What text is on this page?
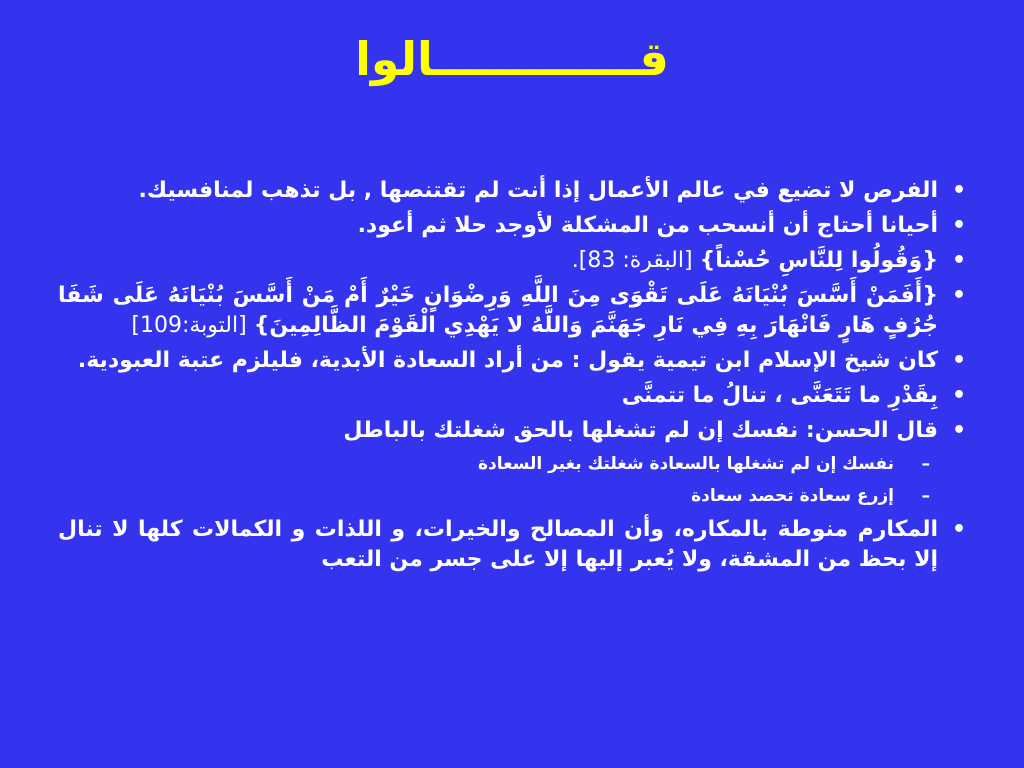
قـــــــــــــالوا
•
الفرص لا تضيع في عالم الأعمال إذا أنت لم تقتنصها , بل تذهب لمنافسيك.
•
أحيانا أحتاج أن أنسحب من المشكلة لأوجد حلا ثم أعود.
•
{وَقُولُوا لِلنَّاسِ حُسْناً} [البقرة: 83].
•
{أَفَمَنْ أَسَّسَ بُنْيَانَهُ عَلَى تَقْوَى مِنَ اللَّهِ وَرِضْوَانٍ خَيْرٌ أَمْ مَنْ أَسَّسَ بُنْيَانَهُ عَلَى شَفَا جُرُفٍ هَارٍ فَانْهَارَ بِهِ فِي نَارِ جَهَنَّمَ وَاللَّهُ لا يَهْدِي الْقَوْمَ الظَّالِمِينَ} [التوبة:109]
•
كان شيخ الإسلام ابن تيمية يقول : من أراد السعادة الأبدية، فليلزم عتبة العبودية.
•
بِقَدْرِ ما تَتَعَنَّى ، تنالُ ما تتمنَّى
•
قال الحسن: نفسك إن لم تشغلها بالحق شغلتك بالباطل
–
نفسك إن لم تشغلها بالسعادة شغلتك بغير السعادة
–
إزرع سعادة تحصد سعادة
•
المكارم منوطة بالمكاره، وأن المصالح والخيرات، و اللذات و الكمالات كلها لا تنال إلا بحظ من المشقة، ولا يُعبر إليها إلا على جسر من التعب
